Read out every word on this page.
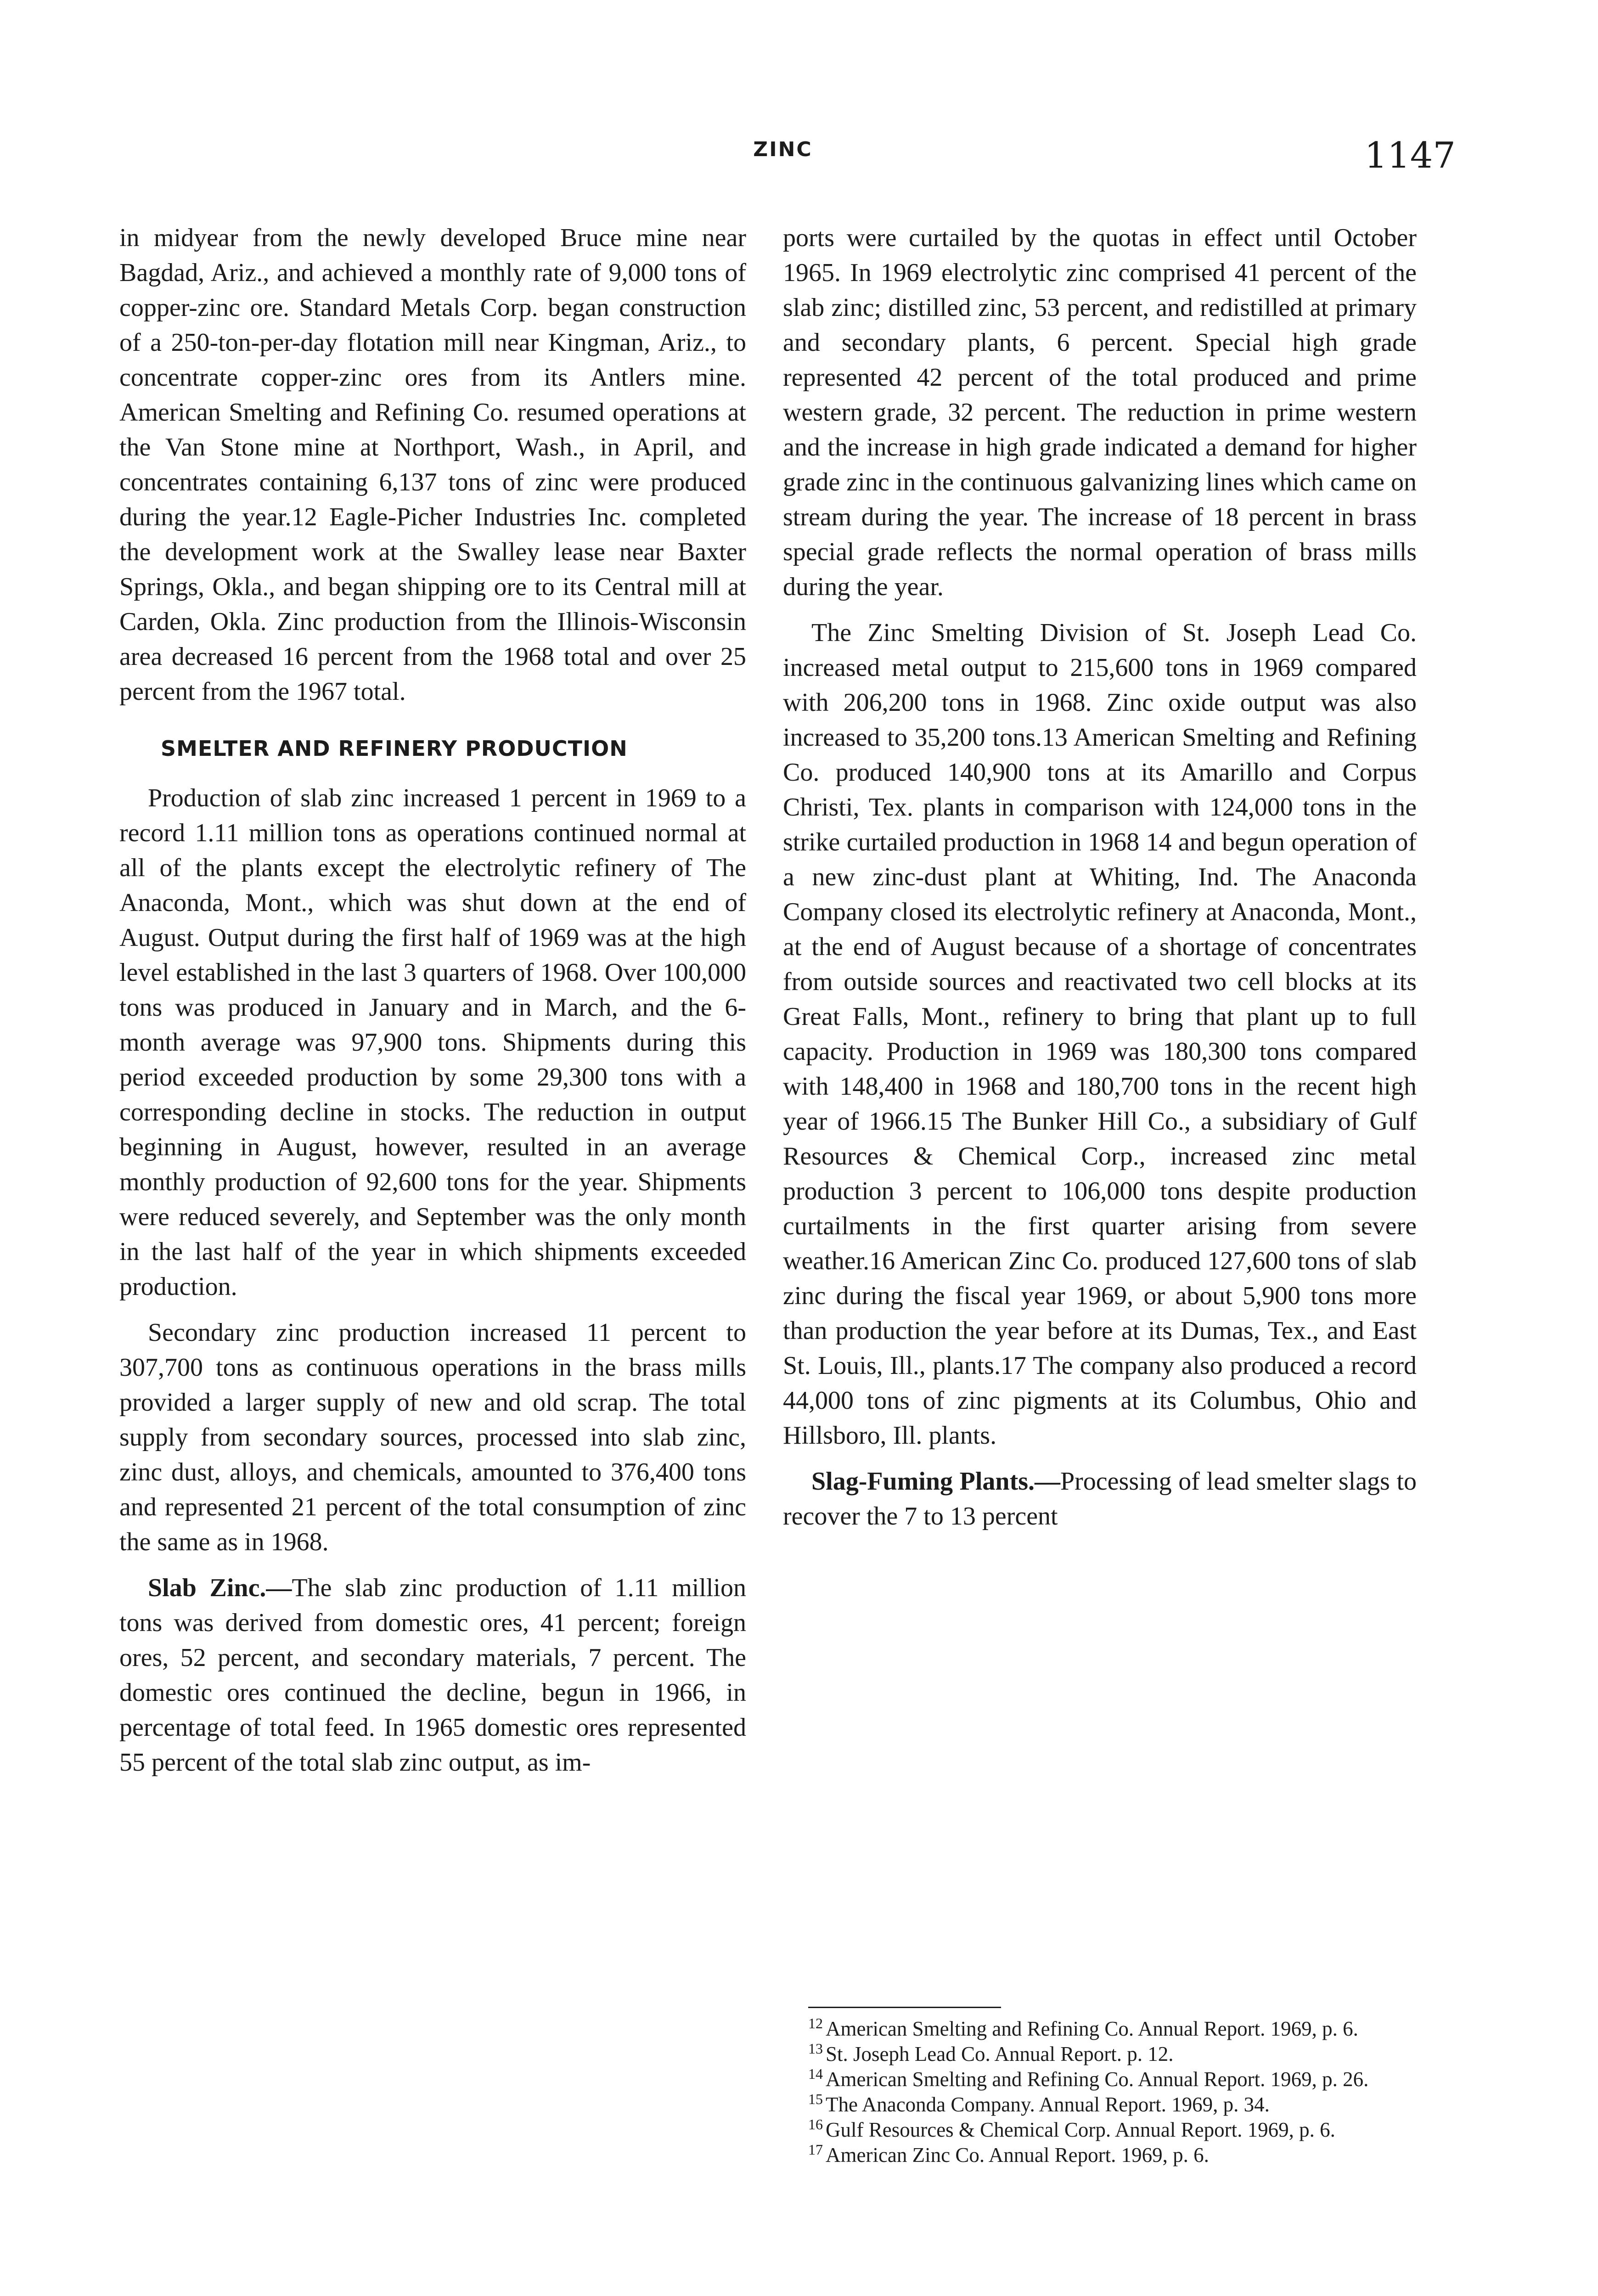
ZINC	1147

in midyear from the newly developed Bruce mine near Bagdad, Ariz., and achieved a monthly rate of 9,000 tons of copper-zinc ore. Standard Metals Corp. began construction of a 250-ton-per-day flotation mill near Kingman, Ariz., to concentrate copper-zinc ores from its Antlers mine. American Smelting and Refining Co. resumed operations at the Van Stone mine at Northport, Wash., in April, and concentrates containing 6,137 tons of zinc were produced during the year.12 Eagle-Picher Industries Inc. completed the development work at the Swalley lease near Baxter Springs, Okla., and began shipping ore to its Central mill at Carden, Okla. Zinc production from the Illinois-Wisconsin area decreased 16 percent from the 1968 total and over 25 percent from the 1967 total.

SMELTER AND REFINERY PRODUCTION

Production of slab zinc increased 1 percent in 1969 to a record 1.11 million tons as operations continued normal at all of the plants except the electrolytic refinery of The Anaconda, Mont., which was shut down at the end of August. Output during the first half of 1969 was at the high level established in the last 3 quarters of 1968. Over 100,000 tons was produced in January and in March, and the 6-month average was 97,900 tons. Shipments during this period exceeded production by some 29,300 tons with a corresponding decline in stocks. The reduction in output beginning in August, however, resulted in an average monthly production of 92,600 tons for the year. Shipments were reduced severely, and September was the only month in the last half of the year in which shipments exceeded production.

Secondary zinc production increased 11 percent to 307,700 tons as continuous operations in the brass mills provided a larger supply of new and old scrap. The total supply from secondary sources, processed into slab zinc, zinc dust, alloys, and chemicals, amounted to 376,400 tons and represented 21 percent of the total consumption of zinc the same as in 1968.

Slab Zinc.—The slab zinc production of 1.11 million tons was derived from domestic ores, 41 percent; foreign ores, 52 percent, and secondary materials, 7 percent. The domestic ores continued the decline, begun in 1966, in percentage of total feed. In 1965 domestic ores represented 55 percent of the total slab zinc output, as im-

ports were curtailed by the quotas in effect until October 1965. In 1969 electrolytic zinc comprised 41 percent of the slab zinc; distilled zinc, 53 percent, and redistilled at primary and secondary plants, 6 percent. Special high grade represented 42 percent of the total produced and prime western grade, 32 percent. The reduction in prime western and the increase in high grade indicated a demand for higher grade zinc in the continuous galvanizing lines which came on stream during the year. The increase of 18 percent in brass special grade reflects the normal operation of brass mills during the year.

The Zinc Smelting Division of St. Joseph Lead Co. increased metal output to 215,600 tons in 1969 compared with 206,200 tons in 1968. Zinc oxide output was also increased to 35,200 tons.13 American Smelting and Refining Co. produced 140,900 tons at its Amarillo and Corpus Christi, Tex. plants in comparison with 124,000 tons in the strike curtailed production in 1968 14 and begun operation of a new zinc-dust plant at Whiting, Ind. The Anaconda Company closed its electrolytic refinery at Anaconda, Mont., at the end of August because of a shortage of concentrates from outside sources and reactivated two cell blocks at its Great Falls, Mont., refinery to bring that plant up to full capacity. Production in 1969 was 180,300 tons compared with 148,400 in 1968 and 180,700 tons in the recent high year of 1966.15 The Bunker Hill Co., a subsidiary of Gulf Resources & Chemical Corp., increased zinc metal production 3 percent to 106,000 tons despite production curtailments in the first quarter arising from severe weather.16 American Zinc Co. produced 127,600 tons of slab zinc during the fiscal year 1969, or about 5,900 tons more than production the year before at its Dumas, Tex., and East St. Louis, Ill., plants.17 The company also produced a record 44,000 tons of zinc pigments at its Columbus, Ohio and Hillsboro, Ill. plants.

Slag-Fuming Plants.—Processing of lead smelter slags to recover the 7 to 13 percent

$^{12}$ American Smelting and Refining Co. Annual Report. 1969, p. 6.

$^{13}$ St. Joseph Lead Co. Annual Report. p. 12.

$^{14}$ American Smelting and Refining Co. Annual Report. 1969, p. 26.

$^{15}$ The Anaconda Company. Annual Report. 1969, p. 34.

$^{16}$ Gulf Resources & Chemical Corp. Annual Report. 1969, p. 6.

$^{17}$ American Zinc Co. Annual Report. 1969, p. 6.
